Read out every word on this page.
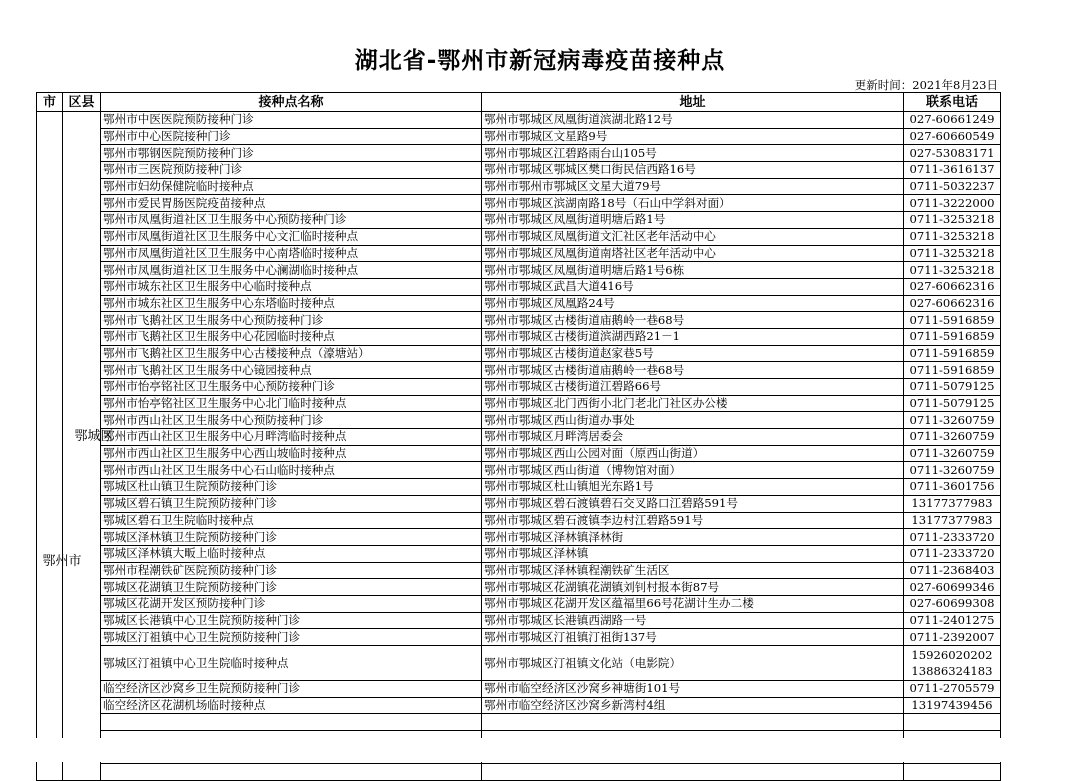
湖北省-鄂州市新冠病毒疫苗接种点
更新时间：2021年8月23日
市	区县	接种点名称	地址	联系电话

鄂州市	鄂城区	鄂州市中医医院预防接种门诊	鄂州市鄂城区凤凰街道滨湖北路12号	027-60661249
		鄂州市中心医院接种门诊	鄂州市鄂城区文星路9号	027-60660549
		鄂州市鄂钢医院预防接种门诊	鄂州市鄂城区江碧路雨台山105号	027-53083171
		鄂州市三医院预防接种门诊	鄂州市鄂城区鄂城区樊口街民信西路16号	0711-3616137
		鄂州市妇幼保健院临时接种点	鄂州市鄂州市鄂城区文星大道79号	0711-5032237
		鄂州市爱民胃肠医院疫苗接种点	鄂州市鄂城区滨湖南路18号（石山中学斜对面）	0711-3222000
		鄂州市凤凰街道社区卫生服务中心预防接种门诊	鄂州市鄂城区凤凰街道明塘后路1号	0711-3253218
		鄂州市凤凰街道社区卫生服务中心文汇临时接种点	鄂州市鄂城区凤凰街道文汇社区老年活动中心	0711-3253218
		鄂州市凤凰街道社区卫生服务中心南塔临时接种点	鄂州市鄂城区凤凰街道南塔社区老年活动中心	0711-3253218
		鄂州市凤凰街道社区卫生服务中心澜湖临时接种点	鄂州市鄂城区凤凰街道明塘后路1号6栋	0711-3253218
		鄂州市城东社区卫生服务中心临时接种点	鄂州市鄂城区武昌大道416号	027-60662316
		鄂州市城东社区卫生服务中心东塔临时接种点	鄂州市鄂城区凤凰路24号	027-60662316
		鄂州市飞鹅社区卫生服务中心预防接种门诊	鄂州市鄂城区古楼街道庙鹅岭一巷68号	0711-5916859
		鄂州市飞鹅社区卫生服务中心花园临时接种点	鄂州市鄂城区古楼街道滨湖西路21－1	0711-5916859
		鄂州市飞鹅社区卫生服务中心古楼接种点（濠塘站）	鄂州市鄂城区古楼街道赵家巷5号	0711-5916859
		鄂州市飞鹅社区卫生服务中心镜园接种点	鄂州市鄂城区古楼街道庙鹅岭一巷68号	0711-5916859
		鄂州市怡亭铭社区卫生服务中心预防接种门诊	鄂州市鄂城区古楼街道江碧路66号	0711-5079125
		鄂州市怡亭铭社区卫生服务中心北门临时接种点	鄂州市鄂城区北门西街小北门老北门社区办公楼	0711-5079125
		鄂州市西山社区卫生服务中心预防接种门诊	鄂州市鄂城区西山街道办事处	0711-3260759
		鄂州市西山社区卫生服务中心月畔湾临时接种点	鄂州市鄂城区月畔湾居委会	0711-3260759
		鄂州市西山社区卫生服务中心西山坡临时接种点	鄂州市鄂城区西山公园对面（原西山街道）	0711-3260759
		鄂州市西山社区卫生服务中心石山临时接种点	鄂州市鄂城区西山街道（博物馆对面）	0711-3260759
		鄂城区杜山镇卫生院预防接种门诊	鄂州市鄂城区杜山镇旭光东路1号	0711-3601756
		鄂城区碧石镇卫生院预防接种门诊	鄂州市鄂城区碧石渡镇碧石交叉路口江碧路591号	13177377983
		鄂城区碧石卫生院临时接种点	鄂州市鄂城区碧石渡镇李边村江碧路591号	13177377983
		鄂城区泽林镇卫生院预防接种门诊	鄂州市鄂城区泽林镇泽林街	0711-2333720
		鄂城区泽林镇大畈上临时接种点	鄂州市鄂城区泽林镇	0711-2333720
		鄂州市程潮铁矿医院预防接种门诊	鄂州市鄂城区泽林镇程潮铁矿生活区	0711-2368403
		鄂城区花湖镇卫生院预防接种门诊	鄂州市鄂城区花湖镇花湖镇刘钊村报本街87号	027-60699346
		鄂城区花湖开发区预防接种门诊	鄂州市鄂城区花湖开发区蕴福里66号花湖计生办二楼	027-60699308
		鄂城区长港镇中心卫生院预防接种门诊	鄂州市鄂城区长港镇西湖路一号	0711-2401275
		鄂城区汀祖镇中心卫生院预防接种门诊	鄂州市鄂城区汀祖镇汀祖街137号	0711-2392007
		鄂城区汀祖镇中心卫生院临时接种点	鄂州市鄂城区汀祖镇文化站（电影院）	15926020202
13886324183

		临空经济区沙窝乡卫生院预防接种门诊	鄂州市临空经济区沙窝乡神塘街101号	0711-2705579
		临空经济区花湖机场临时接种点	鄂州市临空经济区沙窝乡新湾村4组	13197439456
